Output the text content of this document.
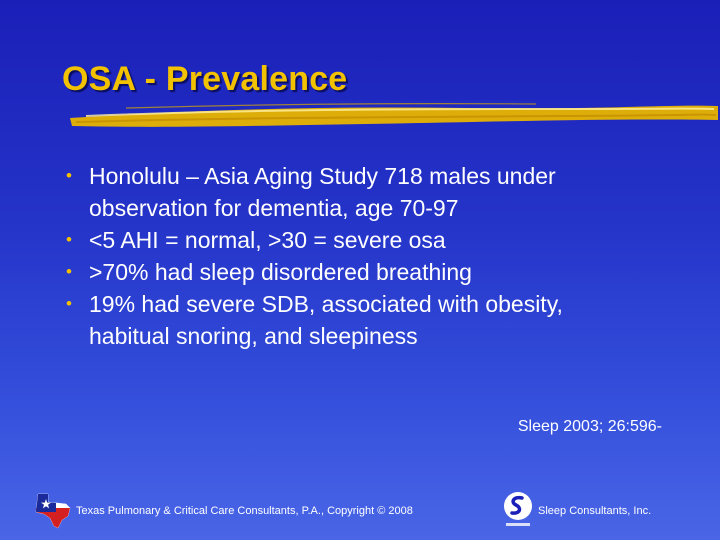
OSA - Prevalence
• Honolulu – Asia Aging Study 718 males under observation for dementia, age 70-97
• <5 AHI = normal, >30 = severe osa
• >70% had sleep disordered breathing
• 19% had severe SDB, associated with obesity, habitual snoring, and sleepiness
Sleep 2003; 26:596-
Texas Pulmonary & Critical Care Consultants, P.A., Copyright © 2008	Sleep Consultants, Inc.
